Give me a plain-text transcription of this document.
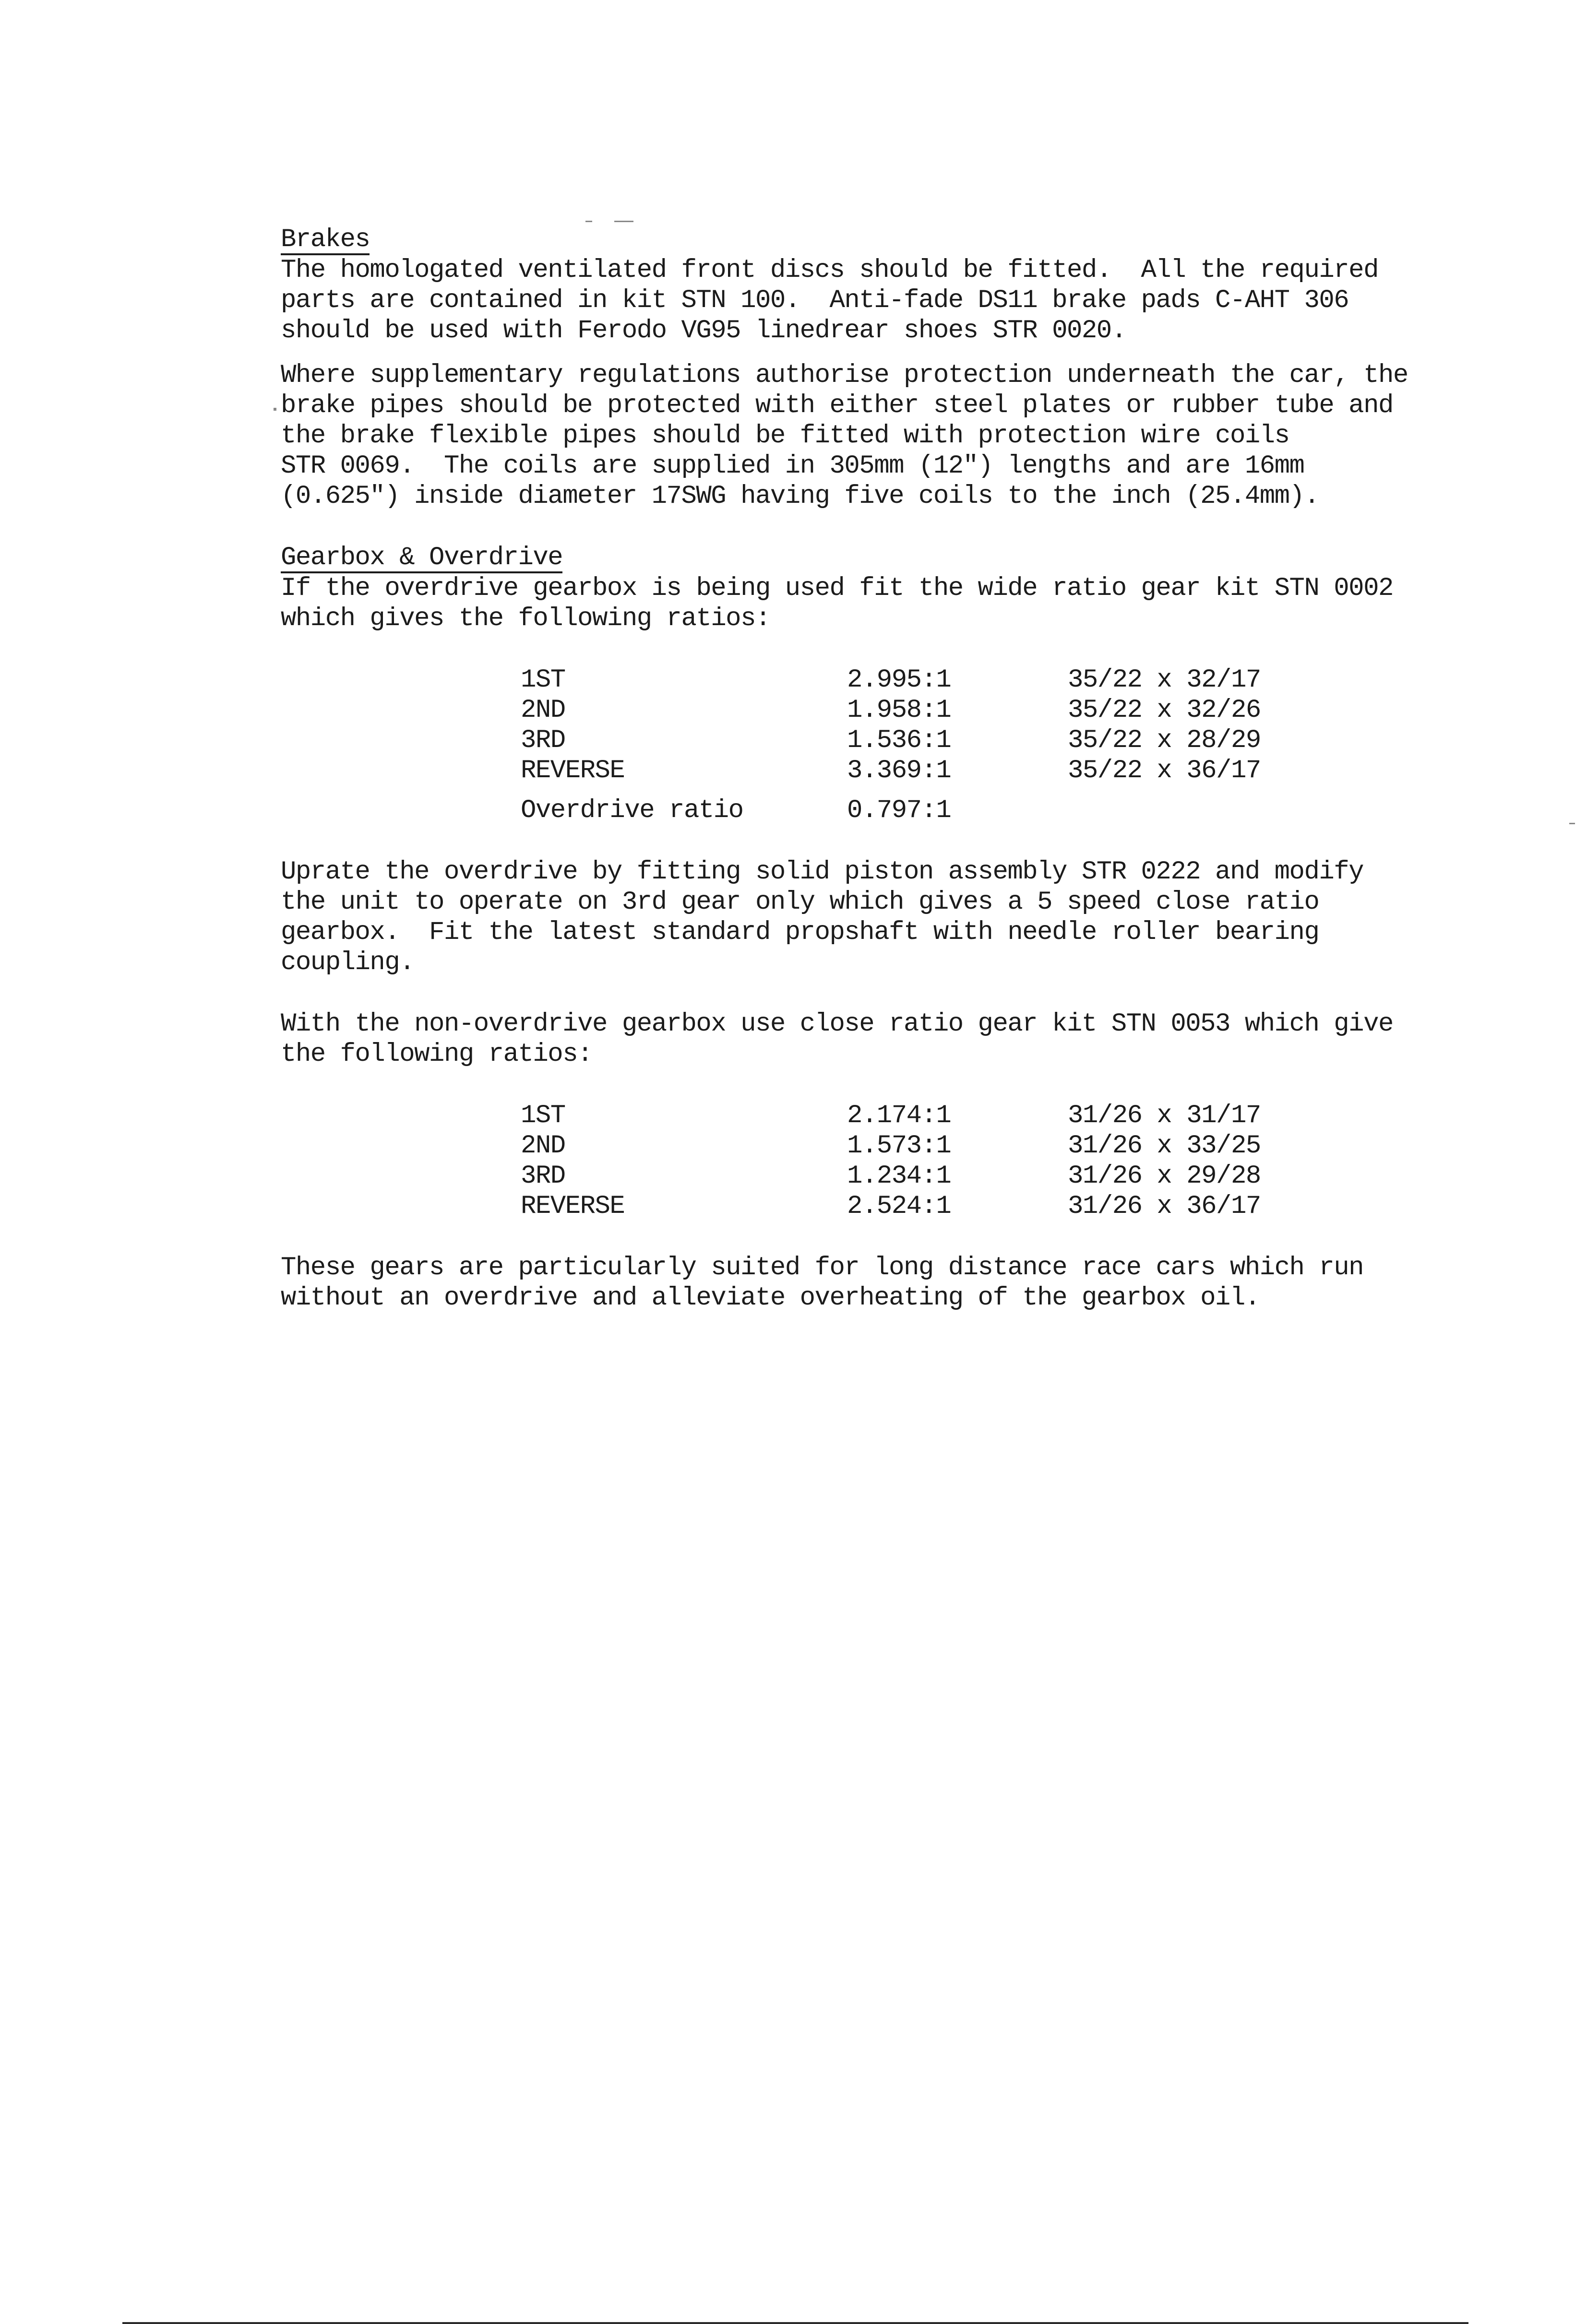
Brakes
The homologated ventilated front discs should be fitted.  All the required
parts are contained in kit STN 100.  Anti-fade DS11 brake pads C-AHT 306
should be used with Ferodo VG95 linedrear shoes STR 0020.
Where supplementary regulations authorise protection underneath the car, the
brake pipes should be protected with either steel plates or rubber tube and
the brake flexible pipes should be fitted with protection wire coils
STR 0069.  The coils are supplied in 305mm (12") lengths and are 16mm
(0.625") inside diameter 17SWG having five coils to the inch (25.4mm).
Gearbox & Overdrive
If the overdrive gearbox is being used fit the wide ratio gear kit STN 0002
which gives the following ratios:
1ST	2.995:1	35/22 x 32/17
2ND	1.958:1	35/22 x 32/26
3RD	1.536:1	35/22 x 28/29
REVERSE	3.369:1	35/22 x 36/17
Overdrive ratio	0.797:1
Uprate the overdrive by fitting solid piston assembly STR 0222 and modify
the unit to operate on 3rd gear only which gives a 5 speed close ratio
gearbox.  Fit the latest standard propshaft with needle roller bearing
coupling.
With the non-overdrive gearbox use close ratio gear kit STN 0053 which give
the following ratios:
1ST	2.174:1	31/26 x 31/17
2ND	1.573:1	31/26 x 33/25
3RD	1.234:1	31/26 x 29/28
REVERSE	2.524:1	31/26 x 36/17
These gears are particularly suited for long distance race cars which run
without an overdrive and alleviate overheating of the gearbox oil.
